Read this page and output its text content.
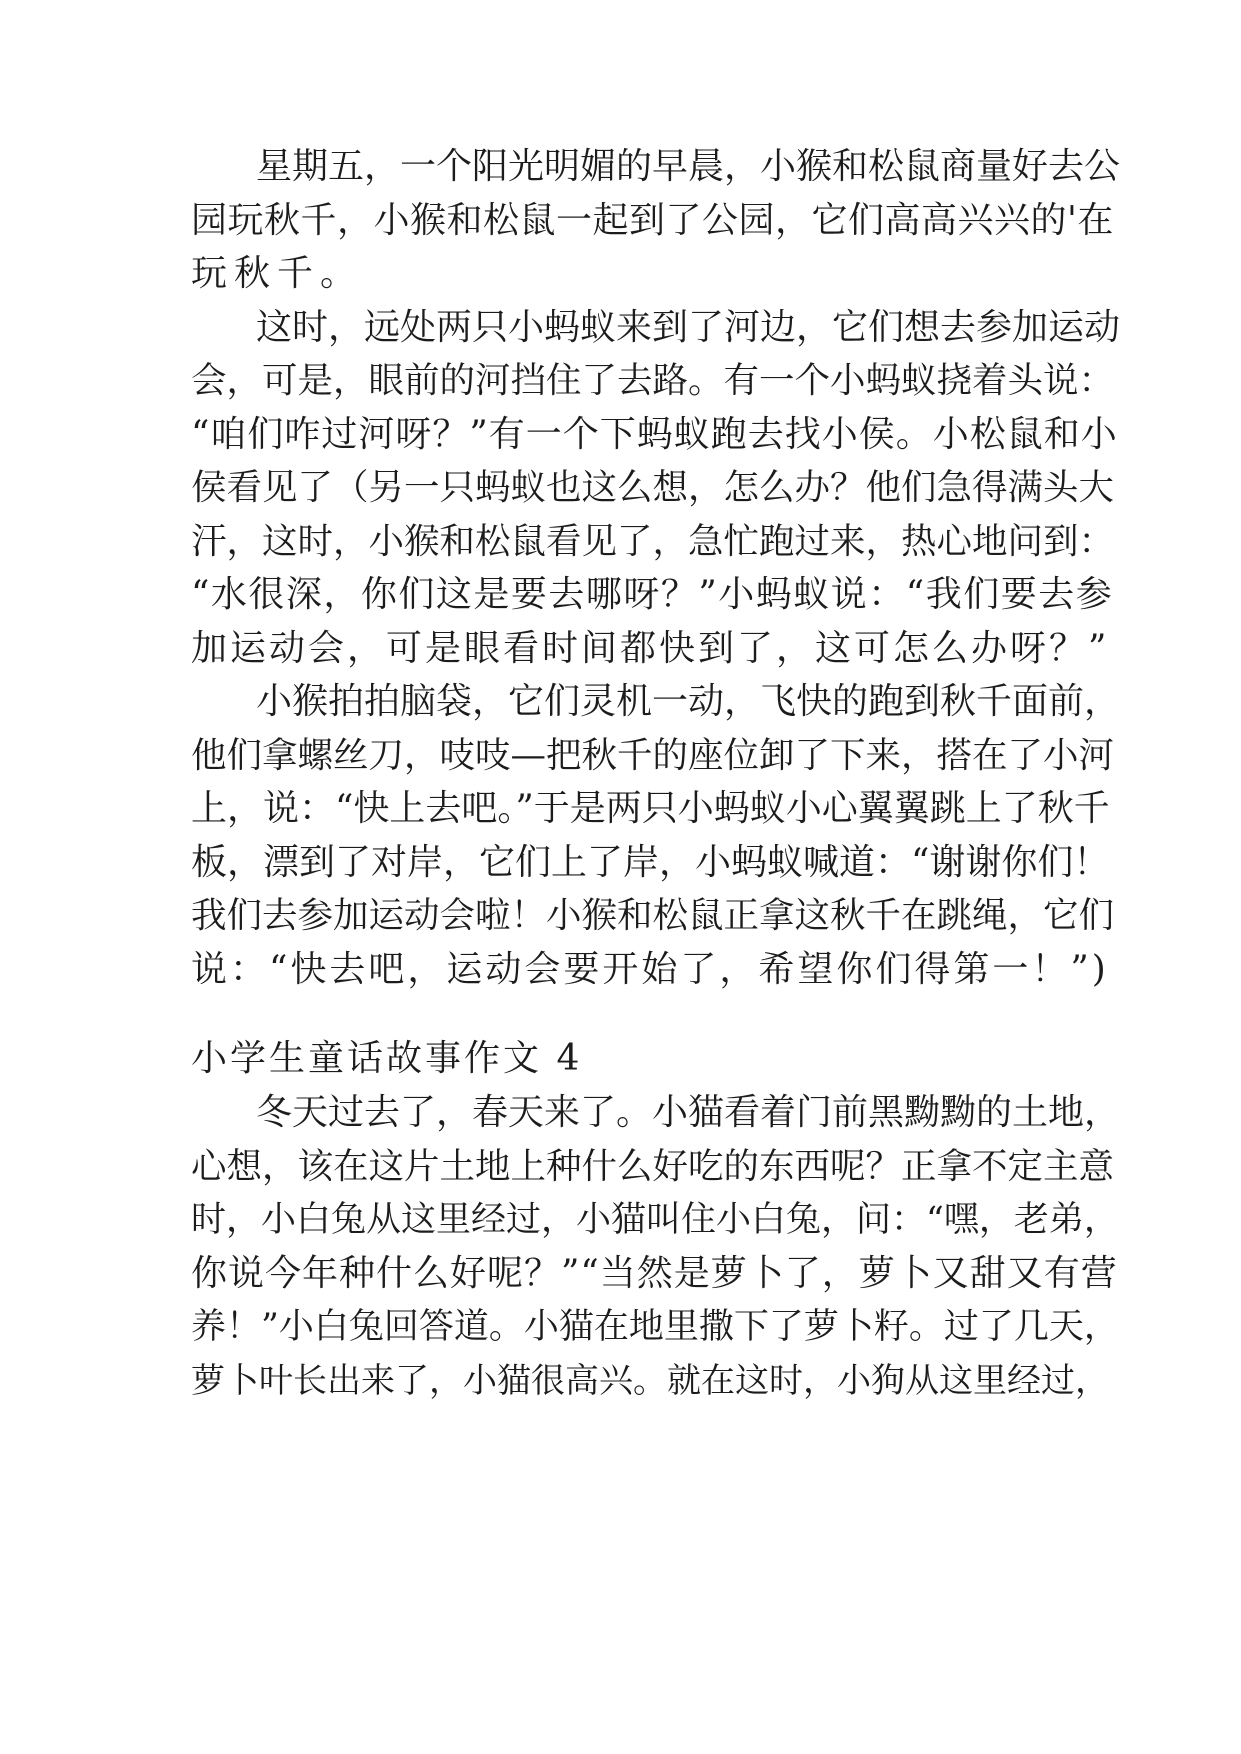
星期五，一个阳光明媚的早晨，小猴和松鼠商量好去公
园玩秋千，小猴和松鼠一起到了公园，它们高高兴兴的'在
玩秋千。
这时，远处两只小蚂蚁来到了河边，它们想去参加运动
会，可是，眼前的河挡住了去路。有一个小蚂蚁挠着头说：
“咱们咋过河呀？”有一个下蚂蚁跑去找小侯。小松鼠和小
侯看见了（另一只蚂蚁也这么想，怎么办？他们急得满头大
汗，这时，小猴和松鼠看见了，急忙跑过来，热心地问到：
“水很深，你们这是要去哪呀？”小蚂蚁说：“我们要去参
加运动会，可是眼看时间都快到了，这可怎么办呀？”
小猴拍拍脑袋，它们灵机一动，飞快的跑到秋千面前，
他们拿螺丝刀，吱吱—把秋千的座位卸了下来，搭在了小河
上，说：“快上去吧。”于是两只小蚂蚁小心翼翼跳上了秋千
板，漂到了对岸，它们上了岸，小蚂蚁喊道：“谢谢你们！
我们去参加运动会啦！小猴和松鼠正拿这秋千在跳绳，它们
说：“快去吧，运动会要开始了，希望你们得第一！”)
小学生童话故事作文 4
冬天过去了，春天来了。小猫看着门前黑黝黝的土地，
心想，该在这片土地上种什么好吃的东西呢？正拿不定主意
时，小白兔从这里经过，小猫叫住小白兔，问：“嘿，老弟，
你说今年种什么好呢？”“当然是萝卜了，萝卜又甜又有营
养！”小白兔回答道。小猫在地里撒下了萝卜籽。过了几天，
萝卜叶长出来了，小猫很高兴。就在这时，小狗从这里经过，
